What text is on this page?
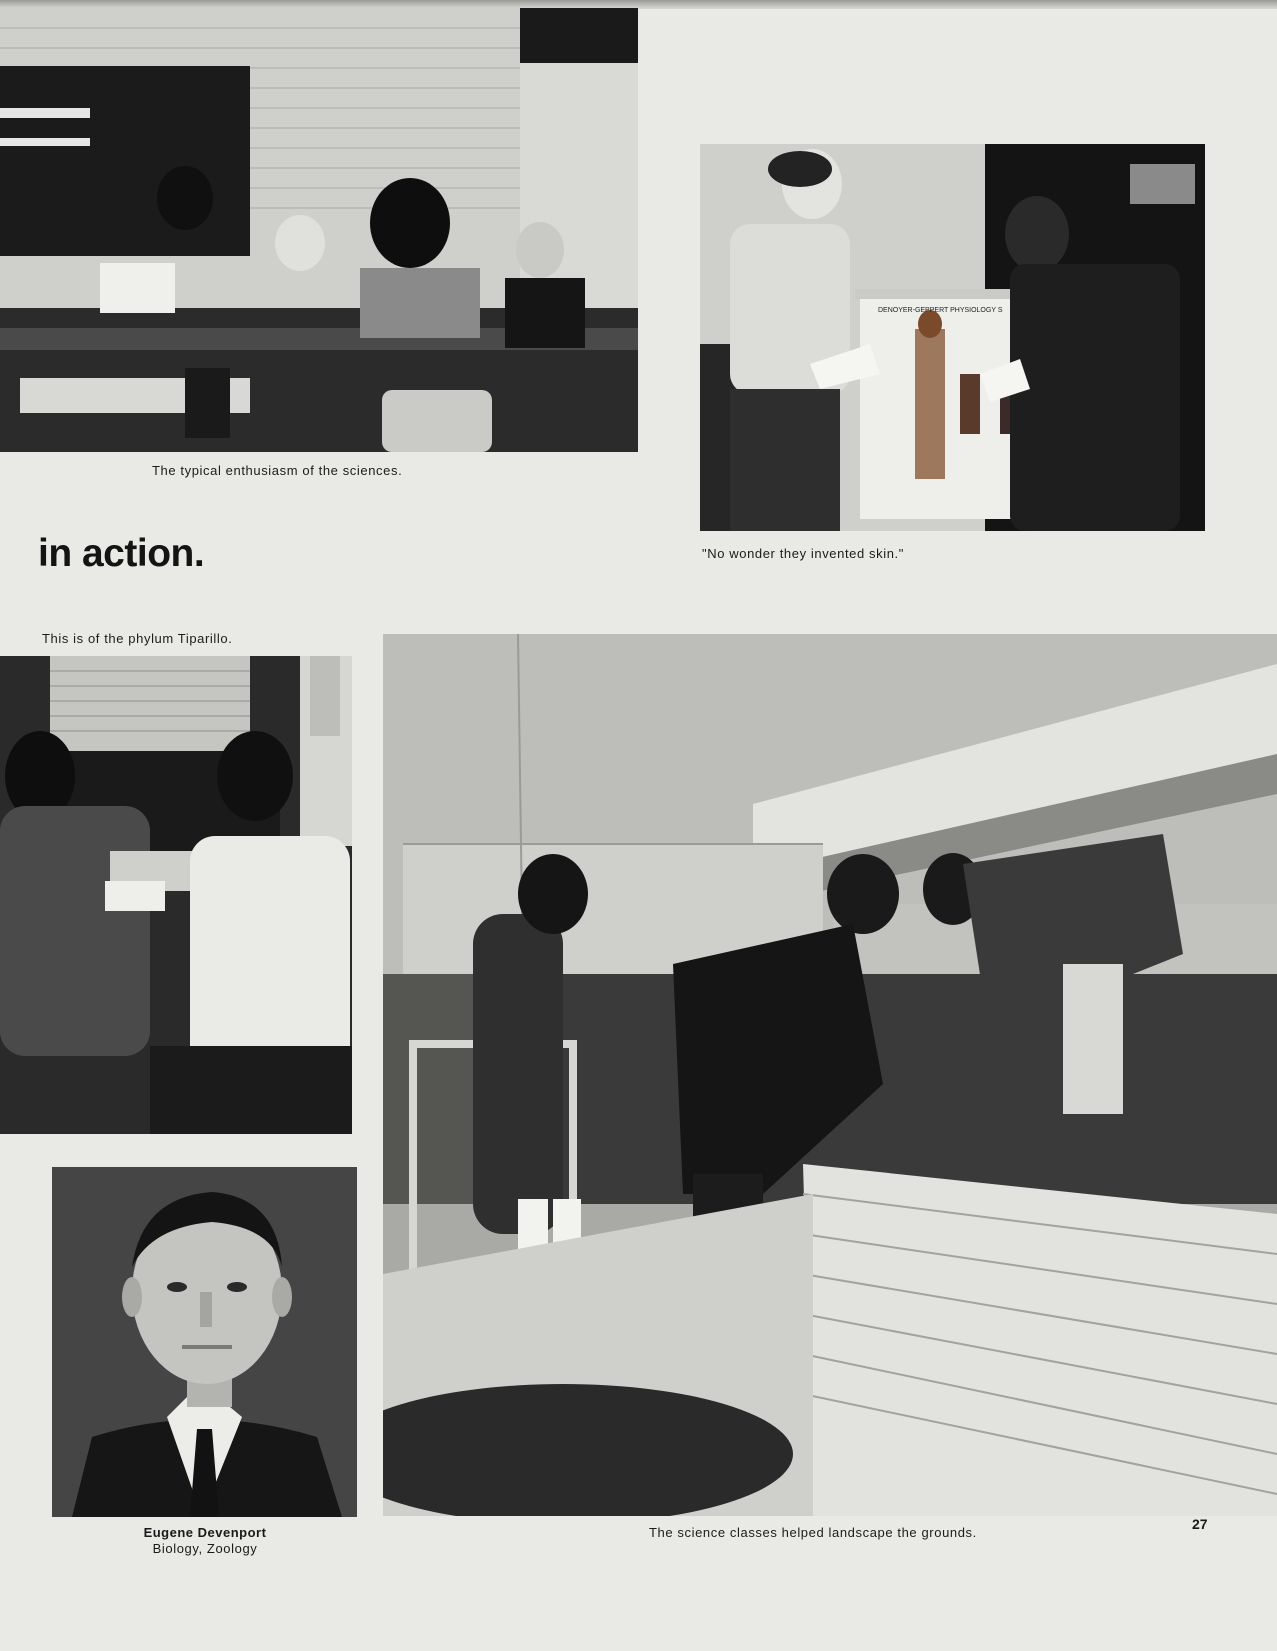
The typical enthusiasm of the sciences.
DENOYER-GEPPERT PHYSIOLOGY S
"No wonder they invented skin."
in action.
This is of the phylum Tiparillo.
Eugene Devenport
Biology, Zoology
The science classes helped landscape the grounds.
27
